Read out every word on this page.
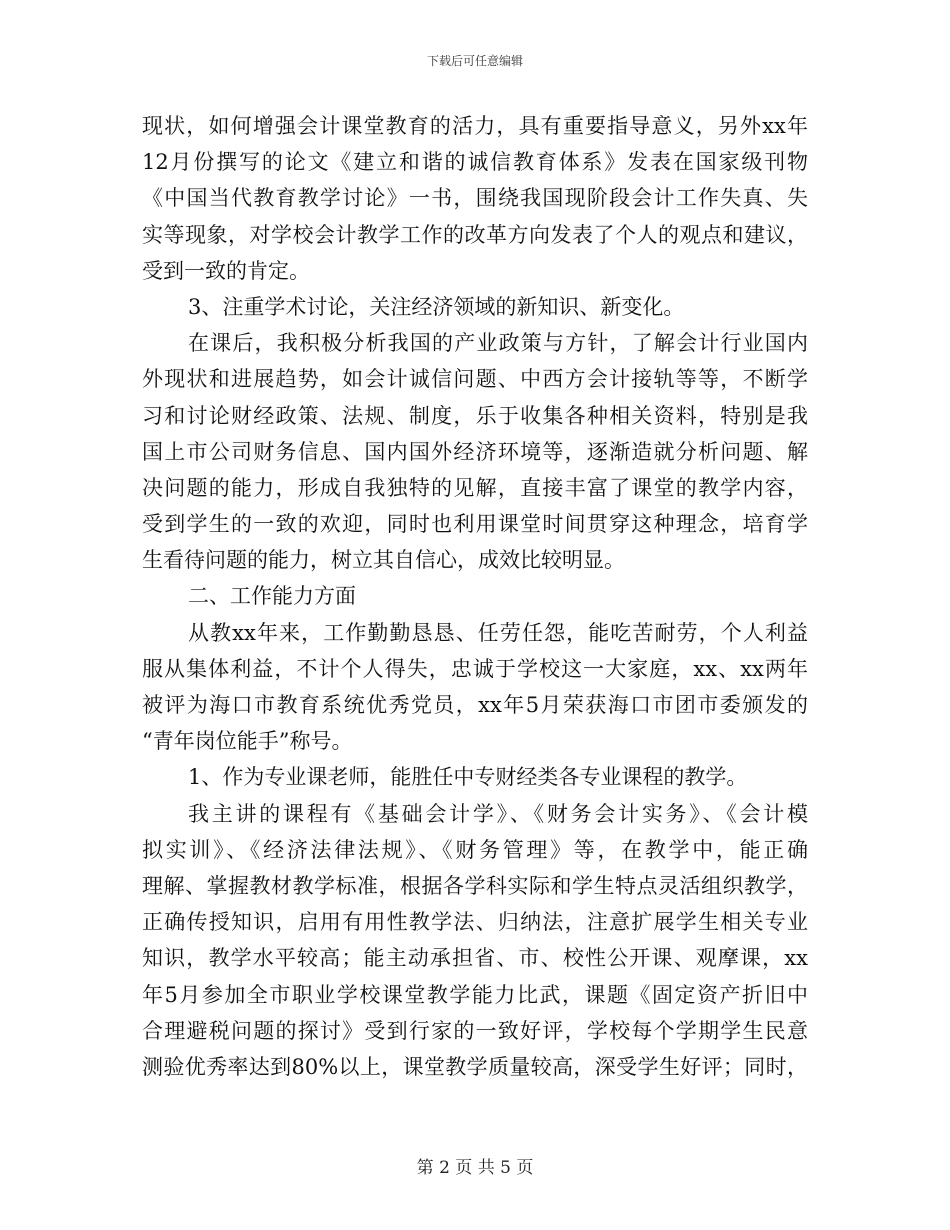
下载后可任意编辑
现状，如何增强会计课堂教育的活力，具有重要指导意义，另外xx年
12月份撰写的论文《建立和谐的诚信教育体系》发表在国家级刊物
《中国当代教育教学讨论》一书，围绕我国现阶段会计工作失真、失
实等现象，对学校会计教学工作的改革方向发表了个人的观点和建议，
受到一致的肯定。
3、注重学术讨论，关注经济领域的新知识、新变化。
在课后，我积极分析我国的产业政策与方针，了解会计行业国内
外现状和进展趋势，如会计诚信问题、中西方会计接轨等等，不断学
习和讨论财经政策、法规、制度，乐于收集各种相关资料，特别是我
国上市公司财务信息、国内国外经济环境等，逐渐造就分析问题、解
决问题的能力，形成自我独特的见解，直接丰富了课堂的教学内容，
受到学生的一致的欢迎，同时也利用课堂时间贯穿这种理念，培育学
生看待问题的能力，树立其自信心，成效比较明显。
二、工作能力方面
从教xx年来，工作勤勤恳恳、任劳任怨，能吃苦耐劳，个人利益
服从集体利益，不计个人得失，忠诚于学校这一大家庭，xx、xx两年
被评为海口市教育系统优秀党员，xx年5月荣获海口市团市委颁发的
“青年岗位能手”称号。
1、作为专业课老师，能胜任中专财经类各专业课程的教学。
我主讲的课程有《基础会计学》、《财务会计实务》、《会计模
拟实训》、《经济法律法规》、《财务管理》等，在教学中，能正确
理解、掌握教材教学标准，根据各学科实际和学生特点灵活组织教学，
正确传授知识，启用有用性教学法、归纳法，注意扩展学生相关专业
知识，教学水平较高；能主动承担省、市、校性公开课、观摩课，xx
年5月参加全市职业学校课堂教学能力比武，课题《固定资产折旧中
合理避税问题的探讨》受到行家的一致好评，学校每个学期学生民意
测验优秀率达到80%以上，课堂教学质量较高，深受学生好评；同时，
第 2 页 共 5 页
